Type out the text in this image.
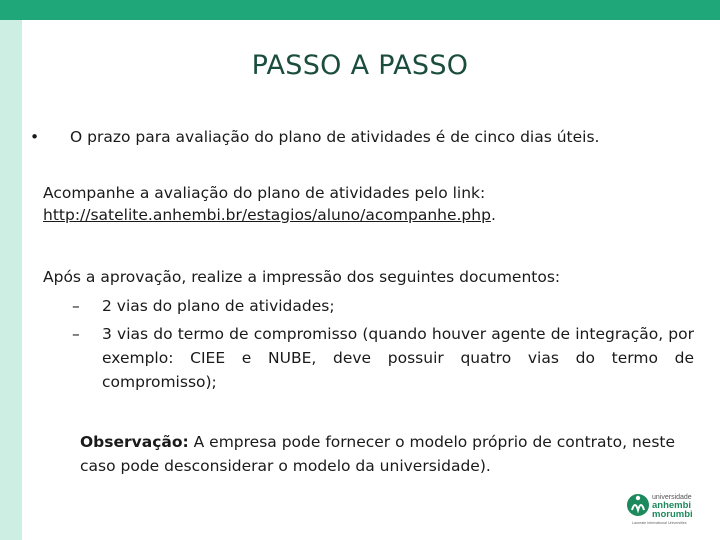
PASSO A PASSO
• O prazo para avaliação do plano de atividades é de cinco dias úteis.
Acompanhe a avaliação do plano de atividades pelo link:
http://satelite.anhembi.br/estagios/aluno/acompanhe.php.
Após a aprovação, realize a impressão dos seguintes documentos:
– 2 vias do plano de atividades;
– 3 vias do termo de compromisso (quando houver agente de integração, por exemplo: CIEE e NUBE, deve possuir quatro vias do termo de compromisso);
Observação: A empresa pode fornecer o modelo próprio de contrato, neste caso pode desconsiderar o modelo da universidade).
universidade
anhembi
morumbi
Laureate International Universities
